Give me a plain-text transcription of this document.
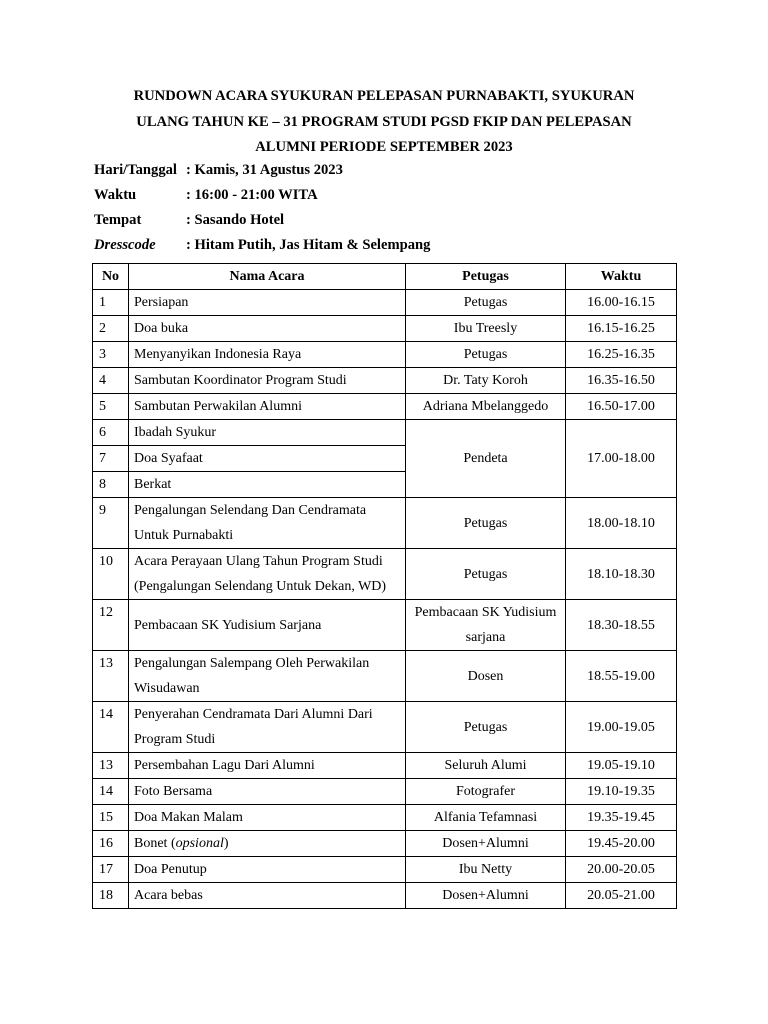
RUNDOWN ACARA SYUKURAN PELEPASAN PURNABAKTI, SYUKURAN
ULANG TAHUN KE – 31 PROGRAM STUDI PGSD FKIP DAN PELEPASAN
ALUMNI PERIODE SEPTEMBER 2023
Hari/Tanggal : Kamis, 31 Agustus 2023
Waktu	: 16:00 - 21:00 WITA
Tempat	: Sasando Hotel
Dresscode	: Hitam Putih, Jas Hitam & Selempang
No	Nama Acara	Petugas	Waktu
1	Persiapan	Petugas	16.00-16.15
2	Doa buka	Ibu Treesly	16.15-16.25
3	Menyanyikan Indonesia Raya	Petugas	16.25-16.35
4	Sambutan Koordinator Program Studi	Dr. Taty Koroh	16.35-16.50
5	Sambutan Perwakilan Alumni	Adriana Mbelanggedo	16.50-17.00
6	Ibadah Syukur	Pendeta	17.00-18.00
7	Doa Syafaat		
8	Berkat		
9	Pengalungan Selendang Dan Cendramata Untuk Purnabakti	Petugas	18.00-18.10
10	Acara Perayaan Ulang Tahun Program Studi
(Pengalungan Selendang Untuk Dekan, WD)	Petugas	18.10-18.30
12	Pembacaan SK Yudisium Sarjana	Pembacaan SK Yudisium sarjana	18.30-18.55
13	Pengalungan Salempang Oleh Perwakilan Wisudawan	Dosen	18.55-19.00
14	Penyerahan Cendramata Dari Alumni Dari Program Studi	Petugas	19.00-19.05
13	Persembahan Lagu Dari Alumni	Seluruh Alumi	19.05-19.10
14	Foto Bersama	Fotografer	19.10-19.35
15	Doa Makan Malam	Alfania Tefamnasi	19.35-19.45
16	Bonet (opsional)	Dosen+Alumni	19.45-20.00
17	Doa Penutup	Ibu Netty	20.00-20.05
18	Acara bebas	Dosen+Alumni	20.05-21.00
